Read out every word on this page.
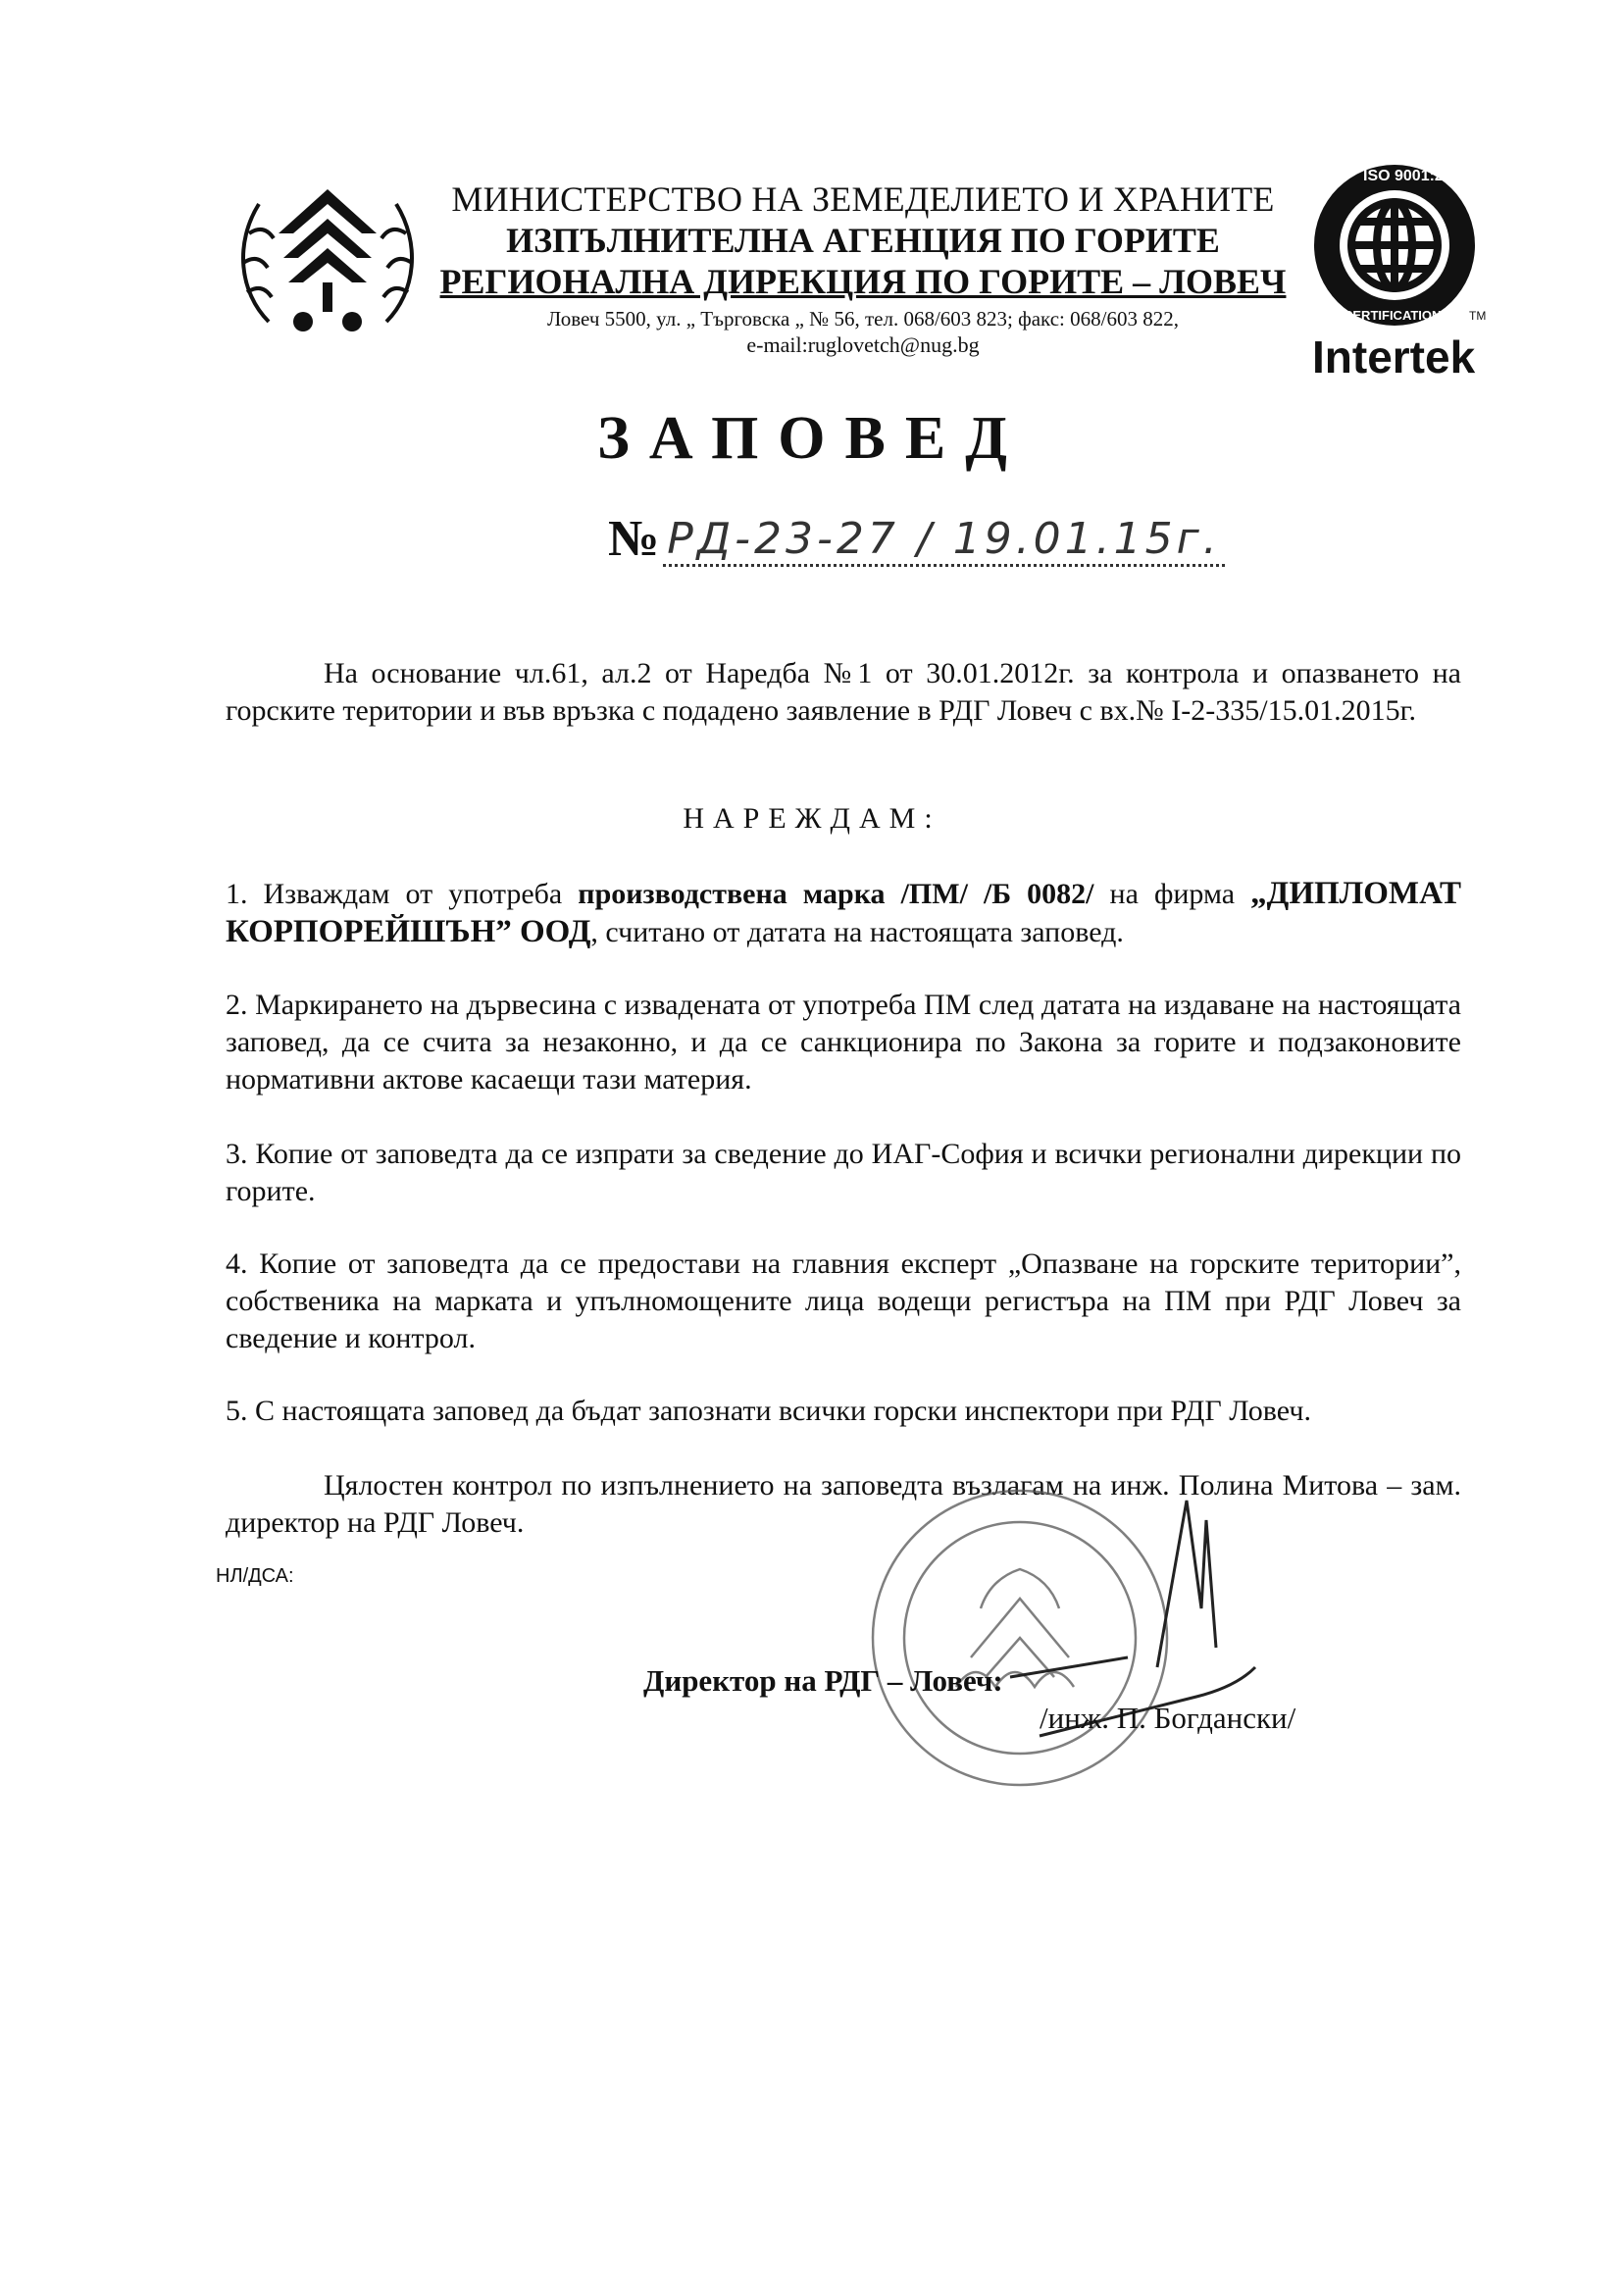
МИНИСТЕРСТВО НА ЗЕМЕДЕЛИЕТО И ХРАНИТЕ
ИЗПЪЛНИТЕЛНА АГЕНЦИЯ ПО ГОРИТЕ
РЕГИОНАЛНА ДИРЕКЦИЯ ПО ГОРИТЕ – ЛОВЕЧ
Ловеч 5500, ул. „ Търговска „ № 56, тел. 068/603 823; факс: 068/603 822,
e-mail:ruglovetch@nug.bg
ISO 9001:2008
CERTIFICATION TM
Intertek
ЗАПОВЕД
№ РД-23-27 / 19.01.15г.

На основание чл.61, ал.2 от Наредба №1 от 30.01.2012г. за контрола и опазването на горските територии и във връзка с подадено заявление в РДГ Ловеч с вх.№ I-2-335/15.01.2015г.

НАРЕЖДАМ:

1. Изваждам от употреба производствена марка /ПМ/ /Б 0082/ на фирма „ДИПЛОМАТ КОРПОРЕЙШЪН” ООД, считано от датата на настоящата заповед.

2. Маркирането на дървесина с извадената от употреба ПМ след датата на издаване на настоящата заповед, да се счита за незаконно, и да се санкционира по Закона за горите и подзаконовите нормативни актове касаещи тази материя.

3. Копие от заповедта да се изпрати за сведение до ИАГ-София и всички регионални дирекции по горите.

4. Копие от заповедта да се предостави на главния експерт „Опазване на горските територии”, собственика на марката и упълномощените лица водещи регистъра на ПМ при РДГ Ловеч за сведение и контрол.

5. С настоящата заповед да бъдат запознати всички горски инспектори при РДГ Ловеч.

Цялостен контрол по изпълнението на заповедта възлагам на инж. Полина Митова – зам. директор на РДГ Ловеч.

НЛ/ДСА:
Директор на РДГ – Ловеч:
/инж. П. Богдански/
